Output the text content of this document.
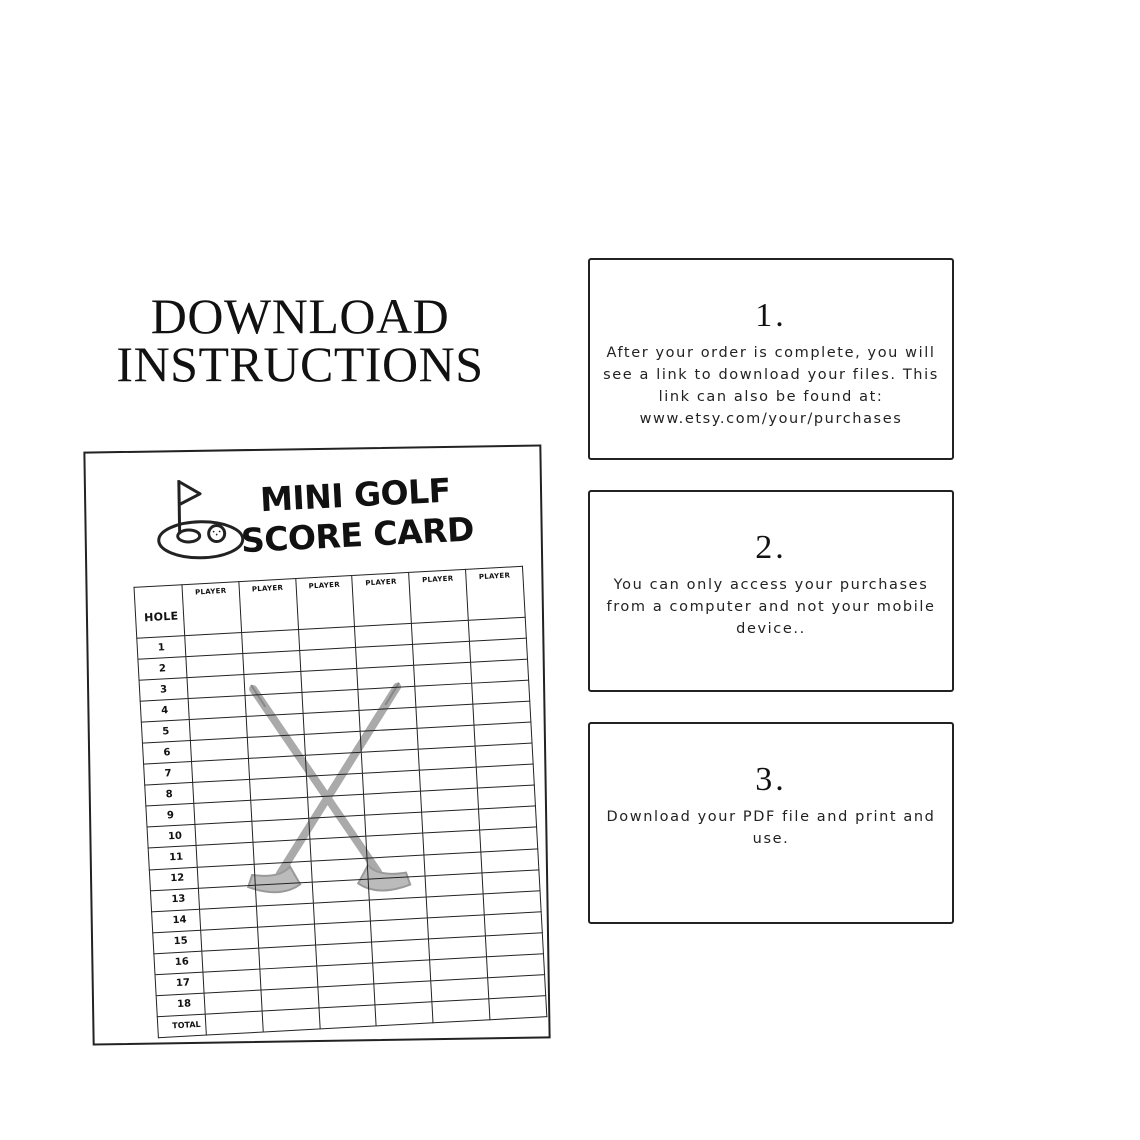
DOWNLOAD
INSTRUCTIONS
MINI GOLF
SCORE CARD
HOLE	PLAYER	PLAYER	PLAYER	PLAYER	PLAYER	PLAYER
1						
2						
3						
4						
5						
6						
7						
8						
9						
10						
11						
12						
13						
14						
15						
16						
17						
18						
TOTAL						
1.
After your order is complete, you will see a link to download your files. This link can also be found at: www.etsy.com/your/purchases
2.
You can only access your purchases from a computer and not your mobile device..
3.
Download your PDF file and print and use.
